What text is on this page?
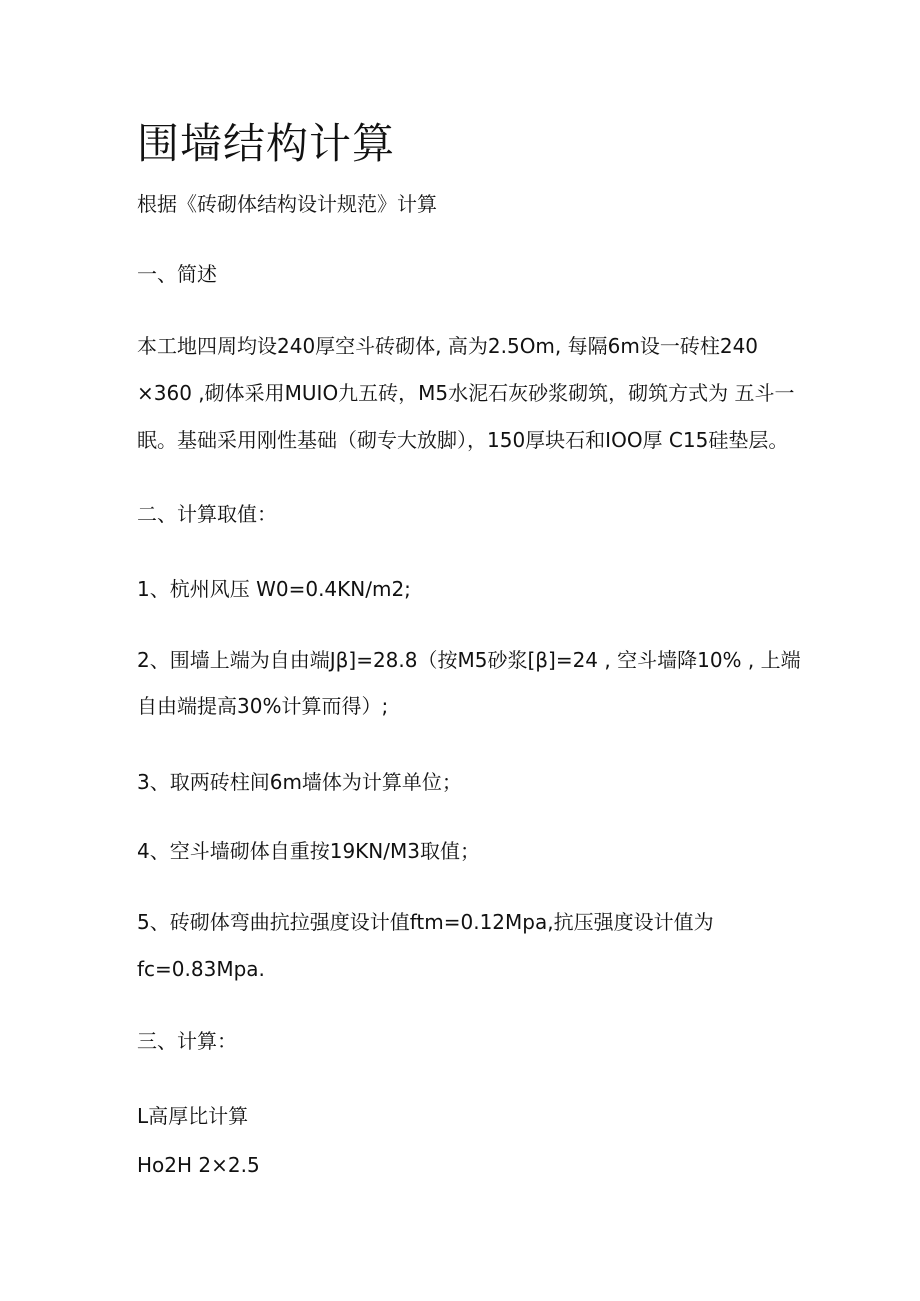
围墙结构计算
根据《砖砌体结构设计规范》计算
一、简述
本工地四周均设240厚空斗砖砌体, 高为2.5Om, 每隔6m设一砖柱240
×360 ,砌体采用MUIO九五砖，M5水泥石灰砂浆砌筑，砌筑方式为 五斗一
眠。基础采用刚性基础（砌专大放脚），150厚块石和IOO厚 C15硅垫层。
二、计算取值：
1、杭州风压 W0=0.4KN∕m2;
2、围墙上端为自由端Jβ]=28.8（按M5砂浆[β]=24 , 空斗墙降10% , 上端
自由端提高30%计算而得）;
3、取两砖柱间6m墙体为计算单位；
4、空斗墙砌体自重按19KN/M3取值；
5、砖砌体弯曲抗拉强度设计值ftm=0.12Mpa,抗压强度设计值为
fc=0.83Mpa.
三、计算：
L高厚比计算
Ho2H 2×2.5
